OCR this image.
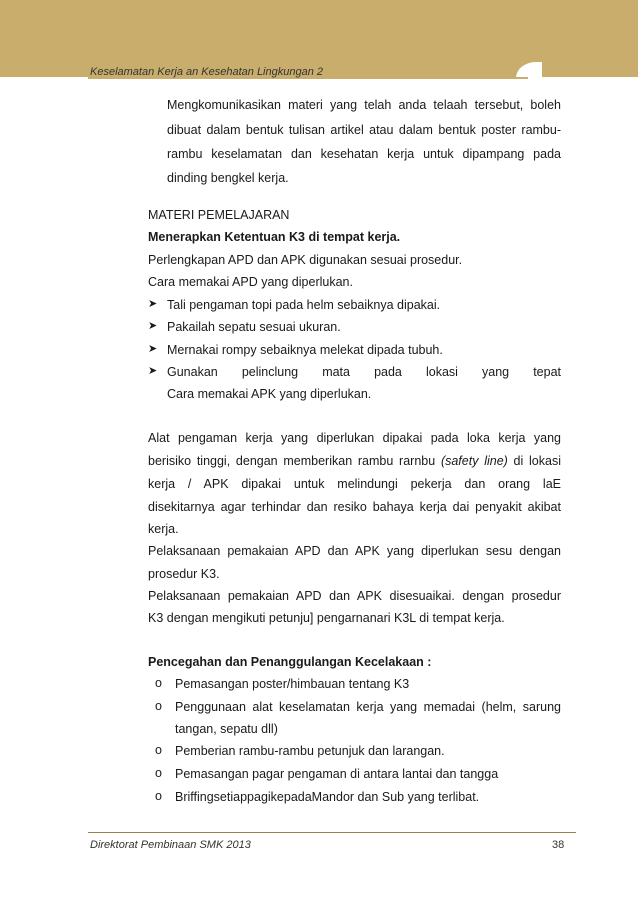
Keselamatan Kerja an Kesehatan Lingkungan 2
Mengkomunikasikan materi yang telah anda telaah tersebut, boleh
dibuat dalam bentuk tulisan artikel atau dalam bentuk poster rambu-
rambu keselamatan dan kesehatan kerja untuk dipampang pada
dinding bengkel kerja.
MATERI PEMELAJARAN
Menerapkan Ketentuan K3 di tempat kerja.
Perlengkapan APD dan APK digunakan sesuai prosedur.
Cara memakai APD yang diperlukan.
➤ Tali pengaman topi pada helm sebaiknya dipakai.
➤ Pakailah sepatu sesuai ukuran.
➤ Mernakai rompy sebaiknya melekat dipada tubuh.
➤ Gunakan pelinclung mata pada lokasi yang tepat
Cara memakai APK yang diperlukan.
Alat pengaman kerja yang diperlukan dipakai pada loka kerja yang
berisiko tinggi, dengan memberikan rambu rarnbu (safety line) di lokasi
kerja / APK dipakai untuk melindungi pekerja dan orang laE
disekitarnya agar terhindar dan resiko bahaya kerja dai penyakit akibat
kerja.
Pelaksanaan pemakaian APD dan APK yang diperlukan sesu dengan
prosedur K3.
Pelaksanaan pemakaian APD dan APK disesuaikai. dengan prosedur
K3 dengan mengikuti petunju] pengarnanari K3L di tempat kerja.
Pencegahan dan Penanggulangan Kecelakaan :
o Pemasangan poster/himbauan tentang K3
o Penggunaan alat keselamatan kerja yang memadai (helm, sarung
tangan, sepatu dll)
o Pemberian rambu-rambu petunjuk dan larangan.
o Pemasangan pagar pengaman di antara lantai dan tangga
o BriffingsetiappagikepadaMandor dan Sub yang terlibat.
Direktorat Pembinaan SMK 2013	38
